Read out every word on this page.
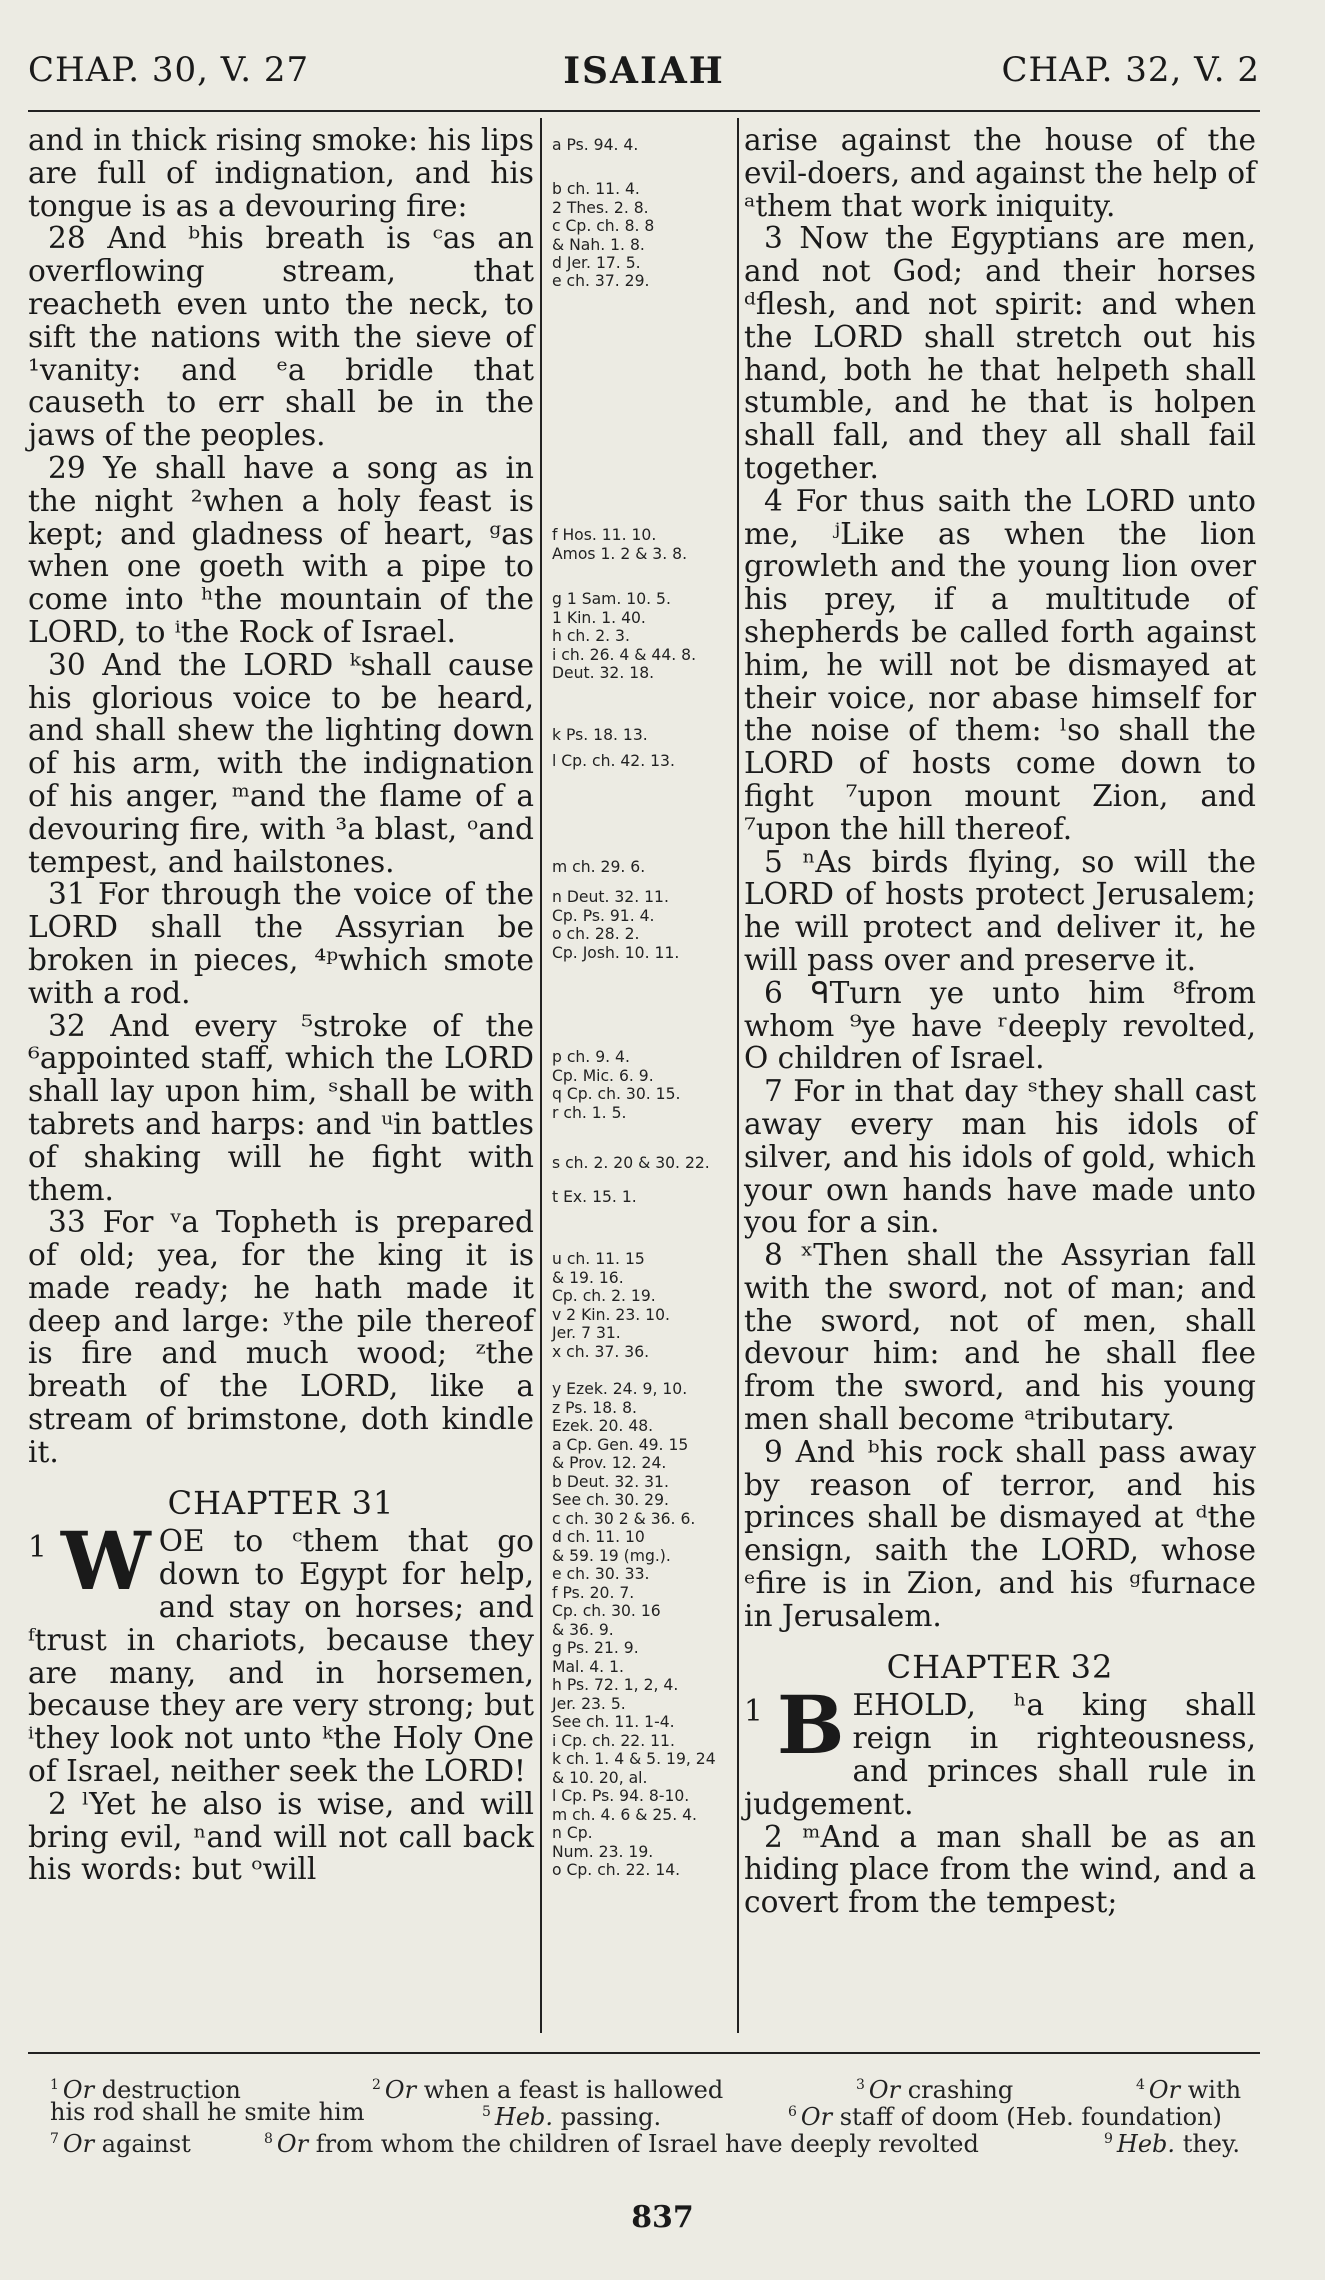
CHAP. 30, V. 27	ISAIAH	CHAP. 32, V. 2

and in thick rising smoke: his lips are full of indignation, and his tongue is as a devouring fire:

28 And ᵇhis breath is ᶜas an overflowing stream, that reacheth even unto the neck, to sift the nations with the sieve of ¹vanity: and ᵉa bridle that causeth to err shall be in the jaws of the peoples.

29 Ye shall have a song as in the night ²when a holy feast is kept; and gladness of heart, ᵍas when one goeth with a pipe to come into ʰthe mountain of the LORD, to ⁱthe Rock of Israel.

30 And the LORD ᵏshall cause his glorious voice to be heard, and shall shew the lighting down of his arm, with the indignation of his anger, ᵐand the flame of a devouring fire, with ³a blast, ᵒand tempest, and hailstones.

31 For through the voice of the LORD shall the Assyrian be broken in pieces, ⁴ᵖwhich smote with a rod.

32 And every ⁵stroke of the ⁶appointed staff, which the LORD shall lay upon him, ˢshall be with tabrets and harps: and ᵘin battles of shaking will he fight with them.

33 For ᵛa Topheth is prepared of old; yea, for the king it is made ready; he hath made it deep and large: ʸthe pile thereof is fire and much wood; ᶻthe breath of the LORD, like a stream of brimstone, doth kindle it.

CHAPTER 31

1 W OE to ᶜthem that go down to Egypt for help, and stay on horses; and ᶠtrust in chariots, because they are many, and in horsemen, because they are very strong; but ⁱthey look not unto ᵏthe Holy One of Israel, neither seek the LORD!

2 ˡYet he also is wise, and will bring evil, ⁿand will not call back his words: but ᵒwill

a Ps. 94. 4.
b ch. 11. 4.
2 Thes. 2. 8.
c Cp. ch. 8. 8
& Nah. 1. 8.
d Jer. 17. 5.
e ch. 37. 29.
f Hos. 11. 10.
Amos 1. 2 & 3. 8.
g 1 Sam. 10. 5.
1 Kin. 1. 40.
h ch. 2. 3.
i ch. 26. 4 & 44. 8.
Deut. 32. 18.
k Ps. 18. 13.
l Cp. ch. 42. 13.
m ch. 29. 6.
n Deut. 32. 11.
Cp. Ps. 91. 4.
o ch. 28. 2.
Cp. Josh. 10. 11.
p ch. 9. 4.
Cp. Mic. 6. 9.
q Cp. ch. 30. 15.
r ch. 1. 5.
s ch. 2. 20 & 30. 22.
t Ex. 15. 1.
u ch. 11. 15
& 19. 16.
Cp. ch. 2. 19.
v 2 Kin. 23. 10.
Jer. 7 31.
x ch. 37. 36.
y Ezek. 24. 9, 10.
z Ps. 18. 8.
Ezek. 20. 48.
a Cp. Gen. 49. 15
& Prov. 12. 24.
b Deut. 32. 31.
See ch. 30. 29.
c ch. 30 2 & 36. 6.
d ch. 11. 10
& 59. 19 (mg.).
e ch. 30. 33.
f Ps. 20. 7.
Cp. ch. 30. 16
& 36. 9.
g Ps. 21. 9.
Mal. 4. 1.
h Ps. 72. 1, 2, 4.
Jer. 23. 5.
See ch. 11. 1-4.
i Cp. ch. 22. 11.
k ch. 1. 4 & 5. 19, 24
& 10. 20, al.
l Cp. Ps. 94. 8-10.
m ch. 4. 6 & 25. 4.
n Cp.
Num. 23. 19.
o Cp. ch. 22. 14.

arise against the house of the evil-doers, and against the help of ᵃthem that work iniquity.

3 Now the Egyptians are men, and not God; and their horses ᵈflesh, and not spirit: and when the LORD shall stretch out his hand, both he that helpeth shall stumble, and he that is holpen shall fall, and they all shall fail together.

4 For thus saith the LORD unto me, ʲLike as when the lion growleth and the young lion over his prey, if a multitude of shepherds be called forth against him, he will not be dismayed at their voice, nor abase himself for the noise of them: ˡso shall the LORD of hosts come down to fight ⁷upon mount Zion, and ⁷upon the hill thereof.

5 ⁿAs birds flying, so will the LORD of hosts protect Jerusalem; he will protect and deliver it, he will pass over and preserve it.

6 ᑫTurn ye unto him ⁸from whom ⁹ye have ʳdeeply revolted, O children of Israel.

7 For in that day ˢthey shall cast away every man his idols of silver, and his idols of gold, which your own hands have made unto you for a sin.

8 ˣThen shall the Assyrian fall with the sword, not of man; and the sword, not of men, shall devour him: and he shall flee from the sword, and his young men shall become ᵃtributary.

9 And ᵇhis rock shall pass away by reason of terror, and his princes shall be dismayed at ᵈthe ensign, saith the LORD, whose ᵉfire is in Zion, and his ᵍfurnace in Jerusalem.

CHAPTER 32

1 B EHOLD, ʰa king shall reign in righteousness, and princes shall rule in judgement.

2 ᵐAnd a man shall be as an hiding place from the wind, and a covert from the tempest;

$^1$ Or destruction	$^2$ Or when a feast is hallowed	$^3$ Or crashing	$^4$ Or with
his rod shall he smite him	$^5$ Heb. passing.	$^6$ Or staff of doom (Heb. foundation)
$^7$ Or against	$^8$ Or from whom the children of Israel have deeply revolted	$^9$ Heb. they.
837
